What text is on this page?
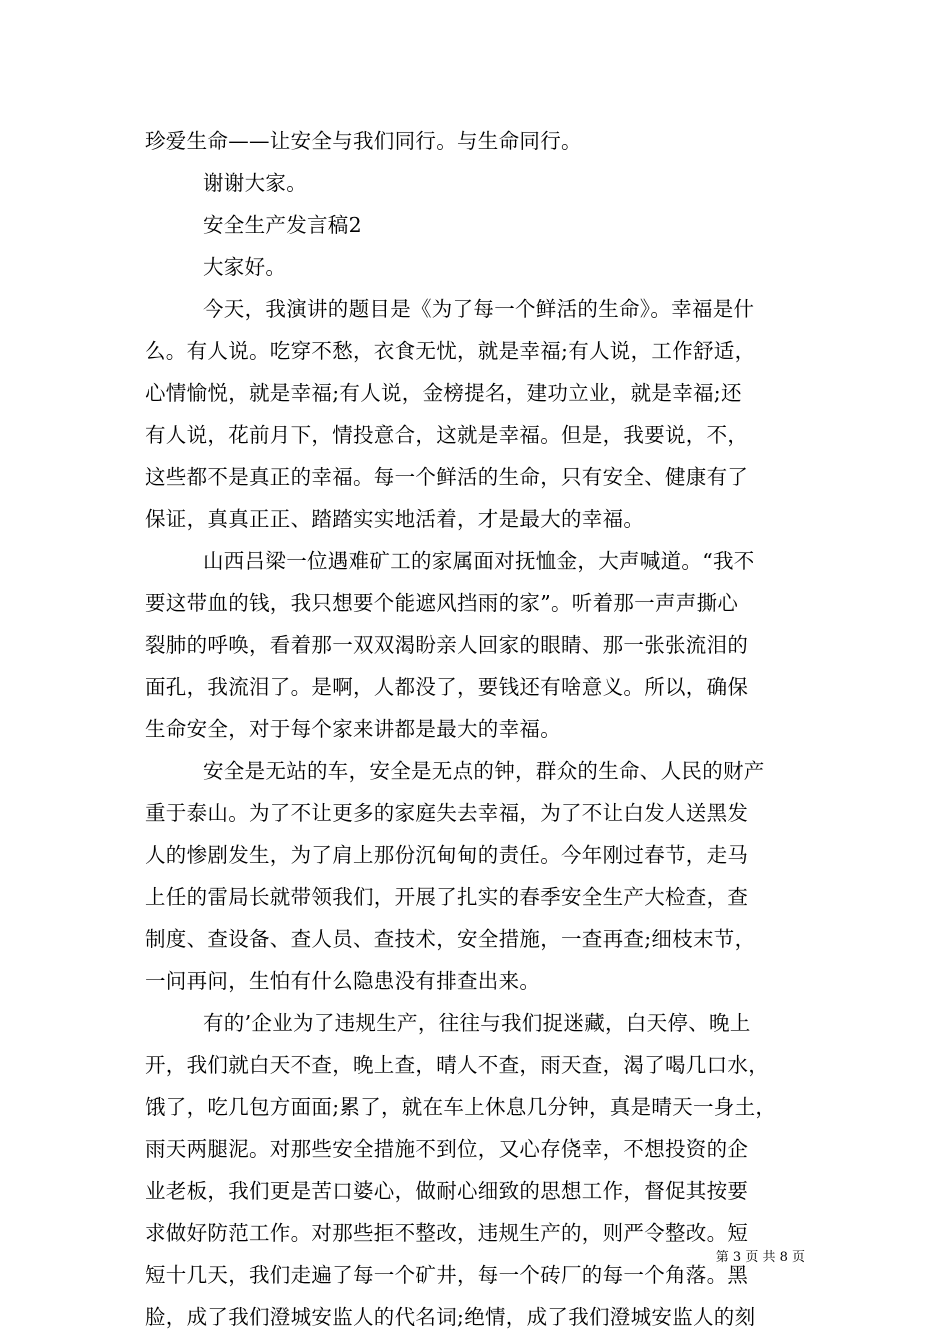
珍爱生命——让安全与我们同行。与生命同行。
谢谢大家。
安全生产发言稿2
大家好。
今天，我演讲的题目是《为了每一个鲜活的生命》。幸福是什
么。有人说。吃穿不愁，衣食无忧，就是幸福;有人说，工作舒适，
心情愉悦，就是幸福;有人说，金榜提名，建功立业，就是幸福;还
有人说，花前月下，情投意合，这就是幸福。但是，我要说，不，
这些都不是真正的幸福。每一个鲜活的生命，只有安全、健康有了
保证，真真正正、踏踏实实地活着，才是最大的幸福。
山西吕梁一位遇难矿工的家属面对抚恤金，大声喊道。“我不
要这带血的钱，我只想要个能遮风挡雨的家”。听着那一声声撕心
裂肺的呼唤，看着那一双双渴盼亲人回家的眼睛、那一张张流泪的
面孔，我流泪了。是啊，人都没了，要钱还有啥意义。所以，确保
生命安全，对于每个家来讲都是最大的幸福。
安全是无站的车，安全是无点的钟，群众的生命、人民的财产
重于泰山。为了不让更多的家庭失去幸福，为了不让白发人送黑发
人的惨剧发生，为了肩上那份沉甸甸的责任。今年刚过春节，走马
上任的雷局长就带领我们，开展了扎实的春季安全生产大检查，查
制度、查设备、查人员、查技术，安全措施，一查再查;细枝末节，
一问再问，生怕有什么隐患没有排查出来。
有的’企业为了违规生产，往往与我们捉迷藏，白天停、晚上
开，我们就白天不查，晚上查，晴人不查，雨天查，渴了喝几口水，
饿了，吃几包方面面;累了，就在车上休息几分钟，真是晴天一身土，
雨天两腿泥。对那些安全措施不到位，又心存侥幸，不想投资的企
业老板，我们更是苦口婆心，做耐心细致的思想工作，督促其按要
求做好防范工作。对那些拒不整改，违规生产的，则严令整改。短
短十几天，我们走遍了每一个矿井，每一个砖厂的每一个角落。黑
脸，成了我们澄城安监人的代名词;绝情，成了我们澄城安监人的刻
第 3 页 共 8 页
